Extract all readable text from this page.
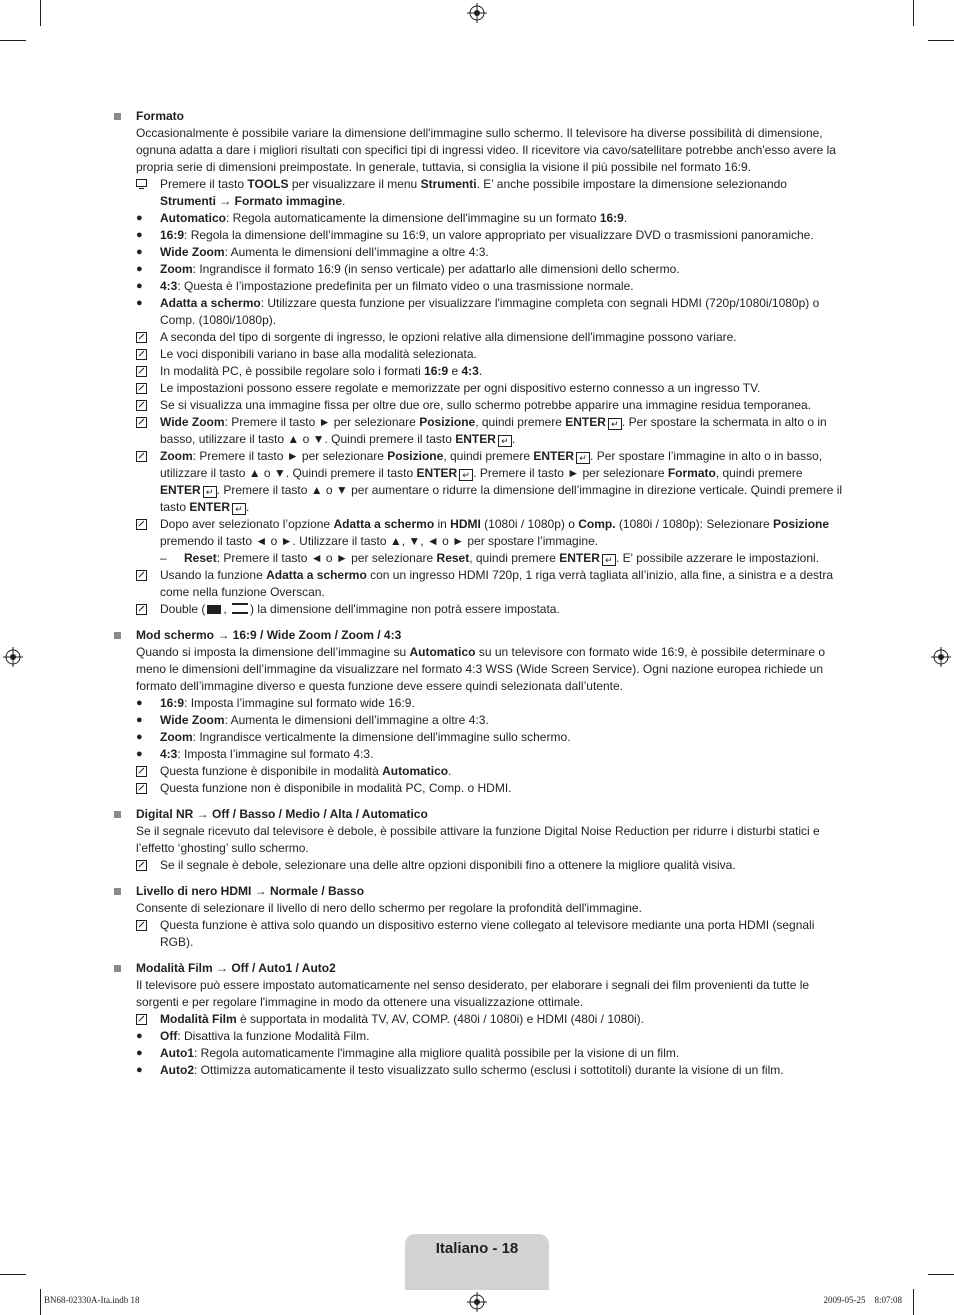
Formato
Occasionalmente è possibile variare la dimensione dell'immagine sullo schermo. Il televisore ha diverse possibilità di dimensione, ognuna adatta a dare i migliori risultati con specifici tipi di ingressi video. Il ricevitore via cavo/satellitare potrebbe anch'esso avere la propria serie di dimensioni preimpostate. In generale, tuttavia, si consiglia la visione il più possibile nel formato 16:9.
Premere il tasto TOOLS per visualizzare il menu Strumenti. E’ anche possibile impostare la dimensione selezionando Strumenti → Formato immagine.
●	Automatico: Regola automaticamente la dimensione dell'immagine su un formato 16:9.
●	16:9: Regola la dimensione dell’immagine su 16:9, un valore appropriato per visualizzare DVD o trasmissioni panoramiche.
●	Wide Zoom: Aumenta le dimensioni dell’immagine a oltre 4:3.
●	Zoom: Ingrandisce il formato 16:9 (in senso verticale) per adattarlo alle dimensioni dello schermo.
●	4:3: Questa è l’impostazione predefinita per un filmato video o una trasmissione normale.
●	Adatta a schermo: Utilizzare questa funzione per visualizzare l'immagine completa con segnali HDMI (720p/1080i/1080p) o Comp. (1080i/1080p).
A seconda del tipo di sorgente di ingresso, le opzioni relative alla dimensione dell'immagine possono variare.
Le voci disponibili variano in base alla modalità selezionata.
In modalità PC, è possibile regolare solo i formati 16:9 e 4:3.
Le impostazioni possono essere regolate e memorizzate per ogni dispositivo esterno connesso a un ingresso TV.
Se si visualizza una immagine fissa per oltre due ore, sullo schermo potrebbe apparire una immagine residua temporanea.
Wide Zoom: Premere il tasto ► per selezionare Posizione, quindi premere ENTER ↵ . Per spostare la schermata in alto o in basso, utilizzare il tasto ▲ o ▼. Quindi premere il tasto ENTER ↵ .
Zoom: Premere il tasto ► per selezionare Posizione, quindi premere ENTER ↵ . Per spostare l’immagine in alto o in basso, utilizzare il tasto ▲ o ▼. Quindi premere il tasto ENTER ↵ . Premere il tasto ► per selezionare Formato, quindi premere ENTER ↵ . Premere il tasto ▲ o ▼ per aumentare o ridurre la dimensione dell’immagine in direzione verticale. Quindi premere il tasto ENTER ↵ .
Dopo aver selezionato l’opzione Adatta a schermo in HDMI (1080i / 1080p) o Comp. (1080i / 1080p): Selezionare Posizione premendo il tasto ◄ o ►. Utilizzare il tasto ▲, ▼, ◄ o ► per spostare l’immagine.
–	Reset: Premere il tasto ◄ o ► per selezionare Reset, quindi premere ENTER ↵ . E' possibile azzerare le impostazioni.
Usando la funzione Adatta a schermo con un ingresso HDMI 720p, 1 riga verrà tagliata all’inizio, alla fine, a sinistra e a destra come nella funzione Overscan.
Double ( , ) la dimensione dell'immagine non potrà essere impostata.
Mod schermo → 16:9 / Wide Zoom / Zoom / 4:3
Quando si imposta la dimensione dell’immagine su Automatico su un televisore con formato wide 16:9, è possibile determinare o meno le dimensioni dell’immagine da visualizzare nel formato 4:3 WSS (Wide Screen Service). Ogni nazione europea richiede un formato dell’immagine diverso e questa funzione deve essere quindi selezionata dall’utente.
●	16:9: Imposta l’immagine sul formato wide 16:9.
●	Wide Zoom: Aumenta le dimensioni dell’immagine a oltre 4:3.
●	Zoom: Ingrandisce verticalmente la dimensione dell'immagine sullo schermo.
●	4:3: Imposta l’immagine sul formato 4:3.
Questa funzione è disponibile in modalità Automatico.
Questa funzione non è disponibile in modalità PC, Comp. o HDMI.
Digital NR → Off / Basso / Medio / Alta / Automatico
Se il segnale ricevuto dal televisore è debole, è possibile attivare la funzione Digital Noise Reduction per ridurre i disturbi statici e l’effetto ‘ghosting’ sullo schermo.
Se il segnale è debole, selezionare una delle altre opzioni disponibili fino a ottenere la migliore qualità visiva.
Livello di nero HDMI → Normale / Basso
Consente di selezionare il livello di nero dello schermo per regolare la profondità dell'immagine.
Questa funzione è attiva solo quando un dispositivo esterno viene collegato al televisore mediante una porta HDMI (segnali RGB).
Modalità Film → Off / Auto1 / Auto2
Il televisore può essere impostato automaticamente nel senso desiderato, per elaborare i segnali dei film provenienti da tutte le sorgenti e per regolare l'immagine in modo da ottenere una visualizzazione ottimale.
Modalità Film è supportata in modalità TV, AV, COMP. (480i / 1080i) e HDMI (480i / 1080i).
●	Off: Disattiva la funzione Modalità Film.
●	Auto1: Regola automaticamente l'immagine alla migliore qualità possibile per la visione di un film.
●	Auto2: Ottimizza automaticamente il testo visualizzato sullo schermo (esclusi i sottotitoli) durante la visione di un film.
Italiano - 18
BN68-02330A-Ita.indb 18	2009-05-25    8:07:08
